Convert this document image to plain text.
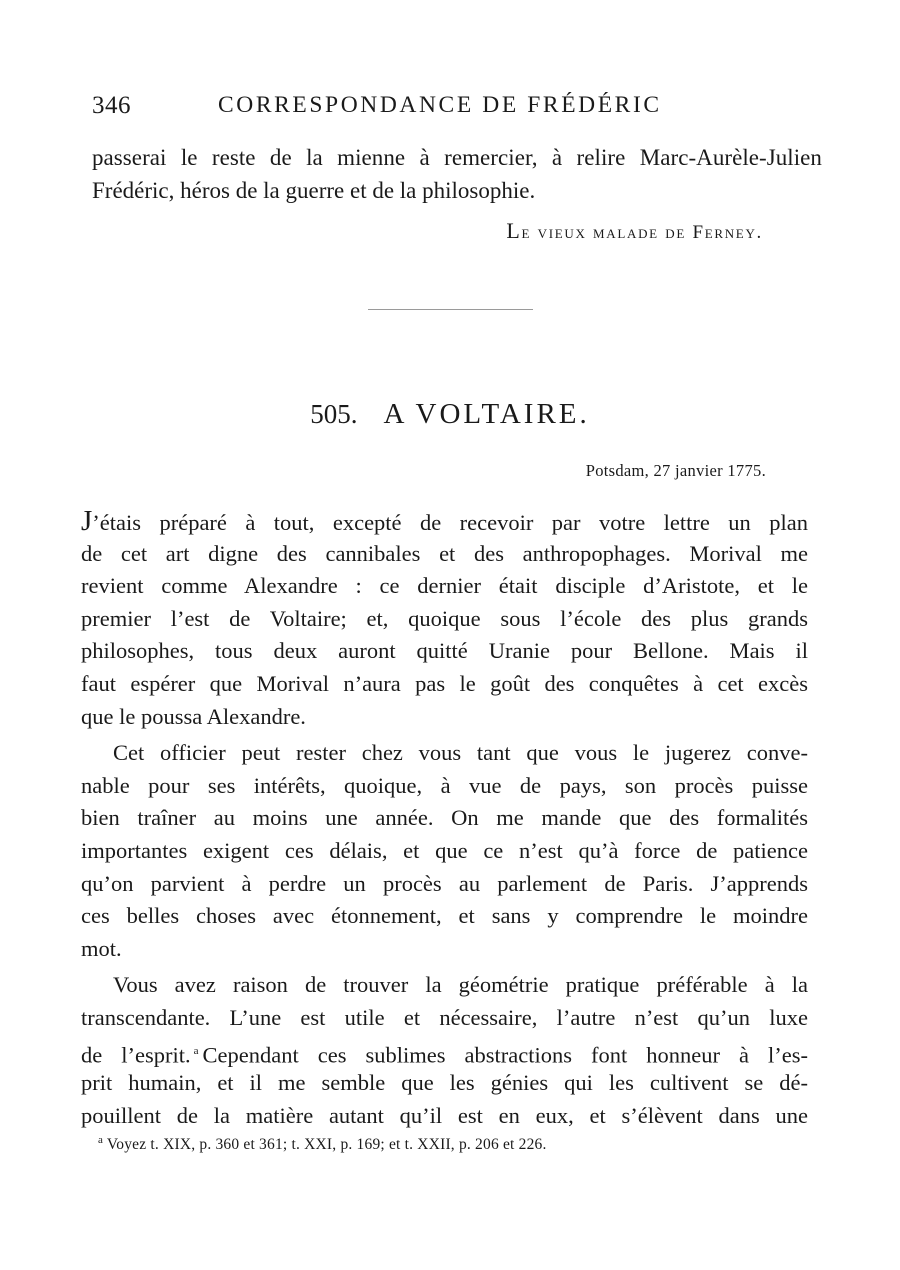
346	CORRESPONDANCE DE FRÉDÉRIC
passerai le reste de la mienne à remercier, à relire Marc-Aurèle-Julien
Frédéric, héros de la guerre et de la philosophie.
Le vieux malade de Ferney.
505. A VOLTAIRE.
Potsdam, 27 janvier 1775.
J’étais préparé à tout, excepté de recevoir par votre lettre un plan
de cet art digne des cannibales et des anthropophages. Morival me
revient comme Alexandre : ce dernier était disciple d’Aristote, et le
premier l’est de Voltaire; et, quoique sous l’école des plus grands
philosophes, tous deux auront quitté Uranie pour Bellone. Mais il
faut espérer que Morival n’aura pas le goût des conquêtes à cet excès
que le poussa Alexandre.
Cet officier peut rester chez vous tant que vous le jugerez conve-
nable pour ses intérêts, quoique, à vue de pays, son procès puisse
bien traîner au moins une année. On me mande que des formalités
importantes exigent ces délais, et que ce n’est qu’à force de patience
qu’on parvient à perdre un procès au parlement de Paris. J’apprends
ces belles choses avec étonnement, et sans y comprendre le moindre
mot.
Vous avez raison de trouver la géométrie pratique préférable à la
transcendante. L’une est utile et nécessaire, l’autre n’est qu’un luxe
de l’esprit. $^a$ Cependant ces sublimes abstractions font honneur à l’es-
prit humain, et il me semble que les génies qui les cultivent se dé-
pouillent de la matière autant qu’il est en eux, et s’élèvent dans une
$^a$ Voyez t. XIX, p. 360 et 361; t. XXI, p. 169; et t. XXII, p. 206 et 226.
